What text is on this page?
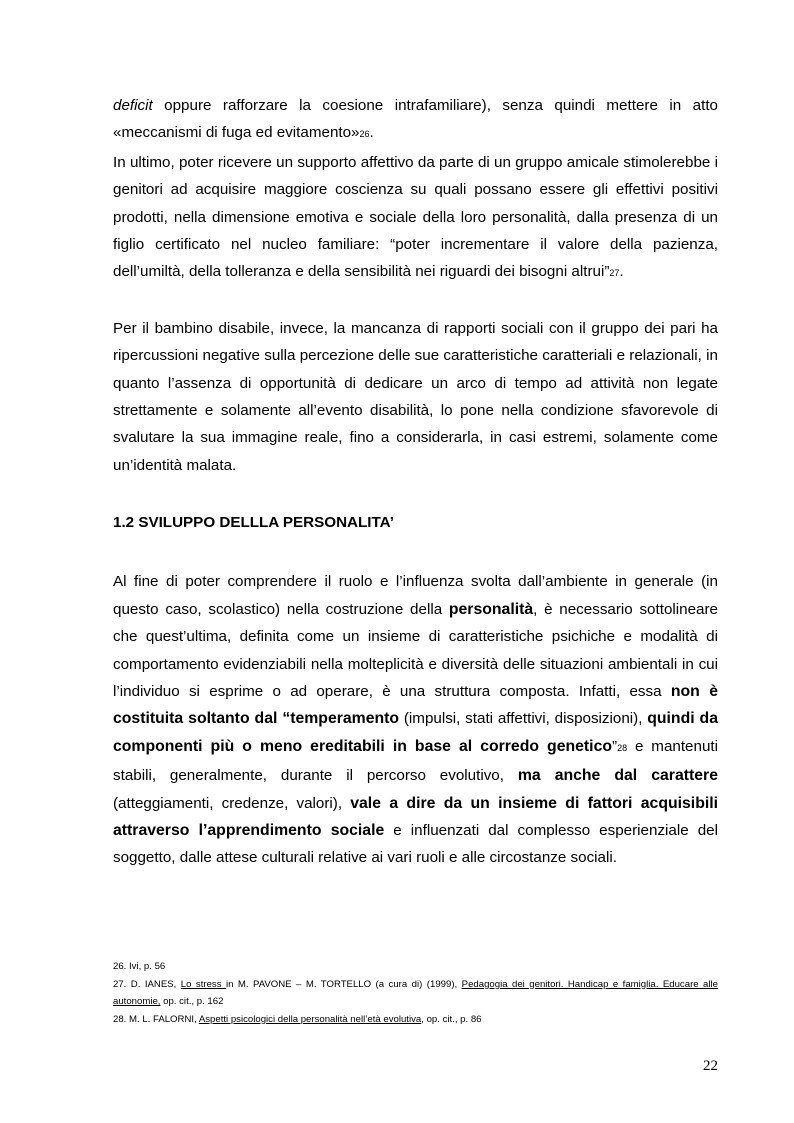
deficit oppure rafforzare la coesione intrafamiliare), senza quindi mettere in atto «meccanismi di fuga ed evitamento»26.

In ultimo, poter ricevere un supporto affettivo da parte di un gruppo amicale stimolerebbe i genitori ad acquisire maggiore coscienza su quali possano essere gli effettivi positivi prodotti, nella dimensione emotiva e sociale della loro personalità, dalla presenza di un figlio certificato nel nucleo familiare: “poter incrementare il valore della pazienza, dell’umiltà, della tolleranza e della sensibilità nei riguardi dei bisogni altrui”27.

Per il bambino disabile, invece, la mancanza di rapporti sociali con il gruppo dei pari ha ripercussioni negative sulla percezione delle sue caratteristiche caratteriali e relazionali, in quanto l’assenza di opportunità di dedicare un arco di tempo ad attività non legate strettamente e solamente all’evento disabilità, lo pone nella condizione sfavorevole di svalutare la sua immagine reale, fino a considerarla, in casi estremi, solamente come un’identità malata.

1.2 SVILUPPO DELLLA PERSONALITA’

Al fine di poter comprendere il ruolo e l’influenza svolta dall’ambiente in generale (in questo caso, scolastico) nella costruzione della personalità, è necessario sottolineare che quest’ultima, definita come un insieme di caratteristiche psichiche e modalità di comportamento evidenziabili nella molteplicità e diversità delle situazioni ambientali in cui l’individuo si esprime o ad operare, è una struttura composta. Infatti, essa non è costituita soltanto dal “temperamento (impulsi, stati affettivi, disposizioni), quindi da componenti più o meno ereditabili in base al corredo genetico”28 e mantenuti stabili, generalmente, durante il percorso evolutivo, ma anche dal carattere (atteggiamenti, credenze, valori), vale a dire da un insieme di fattori acquisibili attraverso l’apprendimento sociale e influenzati dal complesso esperienziale del soggetto, dalle attese culturali relative ai vari ruoli e alle circostanze sociali.

26. Ivi, p. 56

27. D. IANES, Lo stress in M. PAVONE – M. TORTELLO (a cura di) (1999), Pedagogia dei genitori. Handicap e famiglia. Educare alle autonomie, op. cit., p. 162

28. M. L. FALORNI, Aspetti psicologici della personalità nell’età evolutiva, op. cit., p. 86

22
